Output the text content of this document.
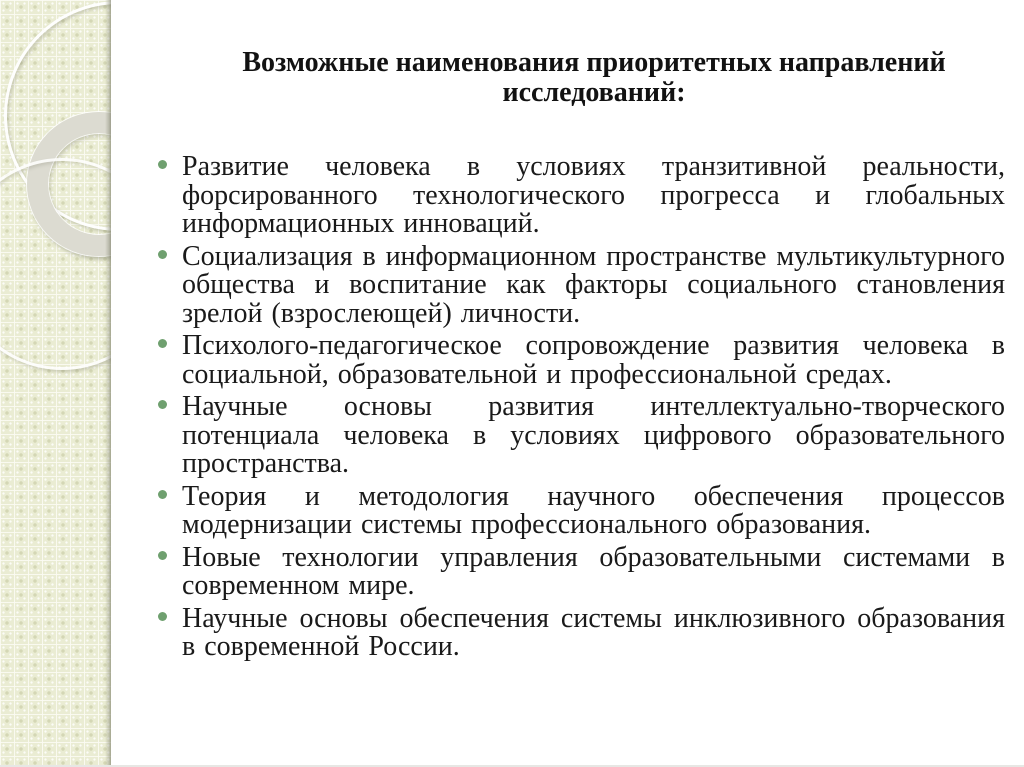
Возможные наименования приоритетных направлений
исследований:
Развитие человека в условиях транзитивной реальности, форсированного технологического прогресса и глобальных информационных инноваций.
Социализация в информационном пространстве мультикультурного общества и воспитание как факторы социального становления зрелой (взрослеющей) личности.
Психолого-педагогическое сопровождение развития человека в социальной, образовательной и профессиональной средах.
Научные основы развития интеллектуально-творческого потенциала человека в условиях цифрового образовательного пространства.
Теория и методология научного обеспечения процессов модернизации системы профессионального образования.
Новые технологии управления образовательными системами в современном мире.
Научные основы обеспечения системы инклюзивного образования в современной России.
